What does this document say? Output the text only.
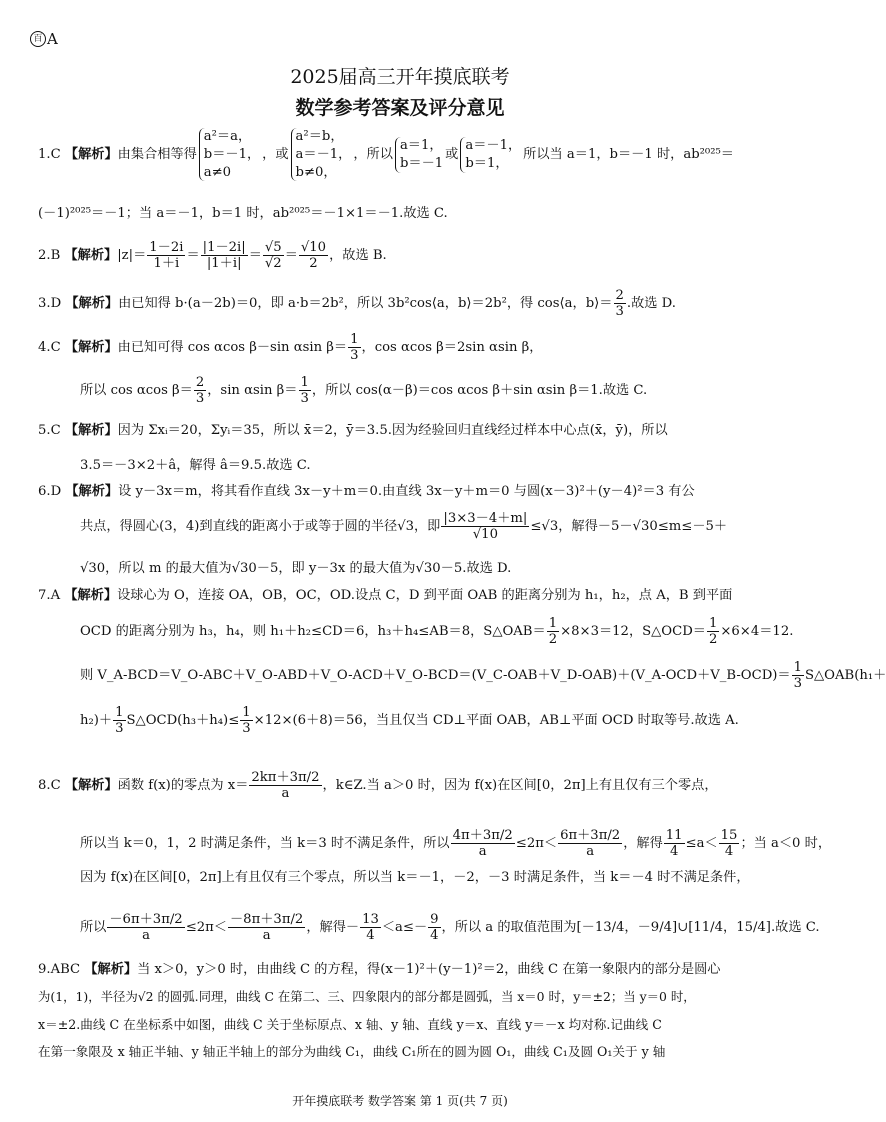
百 A
2025届高三开年摸底联考
数学参考答案及评分意见
1.C 【解析】由集合相等得
a²＝a，
b＝－1，
a≠0
，或
a²＝b，
a＝－1，
b≠0，
，所以
a＝1，
b＝－1
或
a＝－1，
b＝1，
所以当 a＝1，b＝－1 时，ab²⁰²⁵＝
(－1)²⁰²⁵＝－1；当 a＝－1，b＝1 时，ab²⁰²⁵＝－1×1＝－1.故选 C.
2.B 【解析】$|z|= \frac{1-2i}{1+i} = \frac{|1-2i|}{|1+i|} = \frac{√5}{√2} = \frac{√10}{2}$ ，故选 B.
3.D 【解析】由已知得 b·(a－2b)＝0，即 a·b＝2b²，所以 3b²cos⟨a，b⟩＝2b²，得 cos⟨a，b⟩＝ $\frac{2}{3}$ .故选 D.
4.C 【解析】由已知可得 cos αcos β－sin αsin $\beta= \frac{1}{3}$ ，cos αcos β＝2sin αsin β，
所以 cos αcos $\beta= \frac{2}{3}$ ，sin αsin $\beta= \frac{1}{3}$ ，所以 cos(α－β)＝cos αcos β＋sin αsin β＝1.故选 C.
5.C 【解析】因为 Σxᵢ＝20，Σyᵢ＝35，所以 x̄＝2，ȳ＝3.5.因为经验回归直线经过样本中心点(x̄，ȳ)，所以
3.5＝－3×2＋â，解得 â＝9.5.故选 C.
6.D 【解析】设 y－3x＝m，将其看作直线 3x－y＋m＝0.由直线 3x－y＋m＝0 与圆(x－3)²＋(y－4)²＝3 有公
共点，得圆心(3，4)到直线的距离小于或等于圆的半径√3，即 $\frac{|3\times 3-4+m|}{√10} \le√3$，解得－5－√30≤m≤－5＋
√30，所以 m 的最大值为√30－5，即 y－3x 的最大值为√30－5.故选 D.
7.A 【解析】设球心为 O，连接 OA，OB，OC，OD.设点 C，D 到平面 OAB 的距离分别为 h₁，h₂，点 A，B 到平面
OCD 的距离分别为 h₃，h₄，则 h₁＋h₂≤CD＝6，h₃＋h₄≤AB＝8，S△OAB＝ $\frac{1}{2} \times 8\times 3=12$，S△OCD＝ $\frac{1}{2} \times 6\times 4=12$.
则 V_A-BCD＝V_O-ABC＋V_O-ABD＋V_O-ACD＋V_O-BCD＝(V_C-OAB＋V_D-OAB)＋(V_A-OCD＋V_B-OCD)＝ $\frac{1}{3}$ S△OAB(h₁＋
$h_2)+ \frac{1}{3}$ S△OCD(h₃＋h₄)≤ $\frac{1}{3} \times 12\times(6+8)=56$，当且仅当 CD⊥平面 OAB，AB⊥平面 OCD 时取等号.故选 A.
8.C 【解析】函数 f(x)的零点为 $x= \frac{2k\pi+3\pi/2}{a}$ ，k∈Z.当 a＞0 时，因为 f(x)在区间[0，2π]上有且仅有三个零点，
所以当 k＝0，1，2 时满足条件，当 k＝3 时不满足条件，所以 $\frac{4\pi+3\pi/2}{a} \le 2\pi< \frac{6\pi+3\pi/2}{a}$ ，解得 $\frac{11}{4} \le a< \frac{15}{4}$ ；当 a＜0 时，
因为 f(x)在区间[0，2π]上有且仅有三个零点，所以当 k＝－1，－2，－3 时满足条件，当 k＝－4 时不满足条件，
所以 $\frac{-6\pi+3\pi/2}{a} \le 2\pi< \frac{-8\pi+3\pi/2}{a}$ ，解得－ $\frac{13}{4} <a\le- \frac{9}{4}$ ，所以 a 的取值范围为[－13/4，－9/4]∪[11/4，15/4].故选 C.
9.ABC 【解析】当 x＞0，y＞0 时，由曲线 C 的方程，得(x－1)²＋(y－1)²＝2，曲线 C 在第一象限内的部分是圆心
为(1，1)，半径为√2 的圆弧.同理，曲线 C 在第二、三、四象限内的部分都是圆弧，当 x＝0 时，y＝±2；当 y＝0 时，
x＝±2.曲线 C 在坐标系中如图，曲线 C 关于坐标原点、x 轴、y 轴、直线 y＝x、直线 y＝－x 均对称.记曲线 C
在第一象限及 x 轴正半轴、y 轴正半轴上的部分为曲线 C₁，曲线 C₁所在的圆为圆 O₁，曲线 C₁及圆 O₁关于 y 轴
开年摸底联考 数学答案 第 1 页(共 7 页)
